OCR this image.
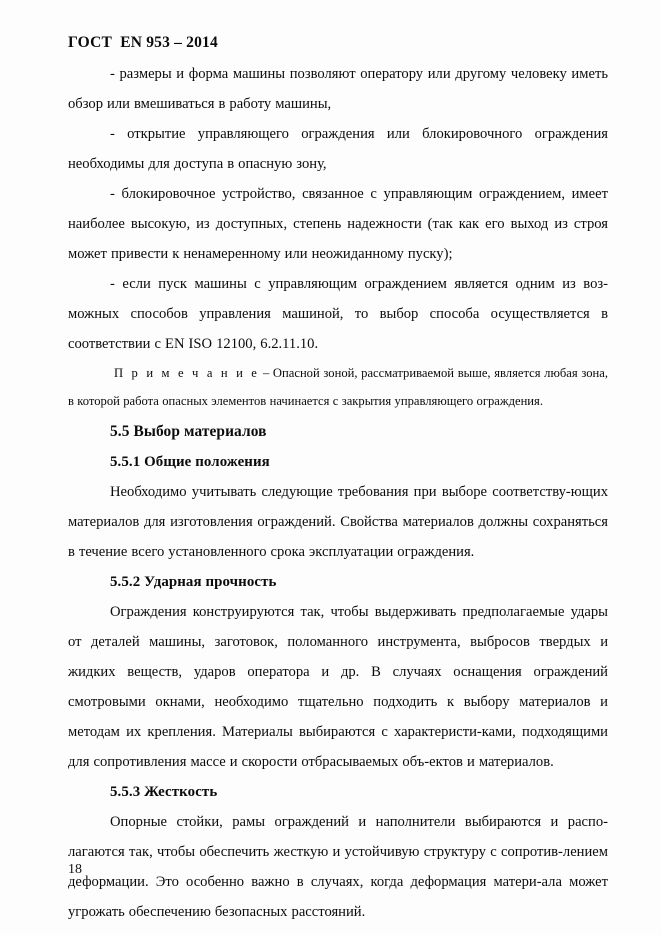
ГОСТ  EN 953 – 2014

- размеры и форма машины позволяют оператору или другому человеку иметь обзор или вмешиваться в работу машины,

- открытие управляющего ограждения или блокировочного ограждения необходимы для доступа в опасную зону,

- блокировочное устройство, связанное с управляющим ограждением, имеет наиболее высокую, из доступных, степень надежности (так как его выход из строя может привести к ненамеренному или неожиданному пуску);

- если пуск машины с управляющим ограждением является одним из воз-можных способов управления машиной, то выбор способа осуществляется в соответствии с EN ISO 12100, 6.2.11.10.

П р и м е ч а н и е – Опасной зоной, рассматриваемой выше, является любая зона, в которой работа опасных элементов начинается с закрытия управляющего ограждения.

5.5 Выбор материалов
5.5.1 Общие положения

Необходимо учитывать следующие требования при выборе соответству-ющих материалов для изготовления ограждений. Свойства материалов должны сохраняться в течение всего установленного срока эксплуатации ограждения.

5.5.2 Ударная прочность

Ограждения конструируются так, чтобы выдерживать предполагаемые удары от деталей машины, заготовок, поломанного инструмента, выбросов твердых и жидких веществ, ударов оператора и др. В случаях оснащения ограждений смотровыми окнами, необходимо тщательно подходить к выбору материалов и методам их крепления. Материалы выбираются с характеристи-ками, подходящими для сопротивления массе и скорости отбрасываемых объ-ектов и материалов.

5.5.3 Жесткость

Опорные стойки, рамы ограждений и наполнители выбираются и распо-лагаются так, чтобы обеспечить жесткую и устойчивую структуру с сопротив-лением деформации. Это особенно важно в случаях, когда деформация матери-ала может угрожать обеспечению безопасных расстояний.

18
